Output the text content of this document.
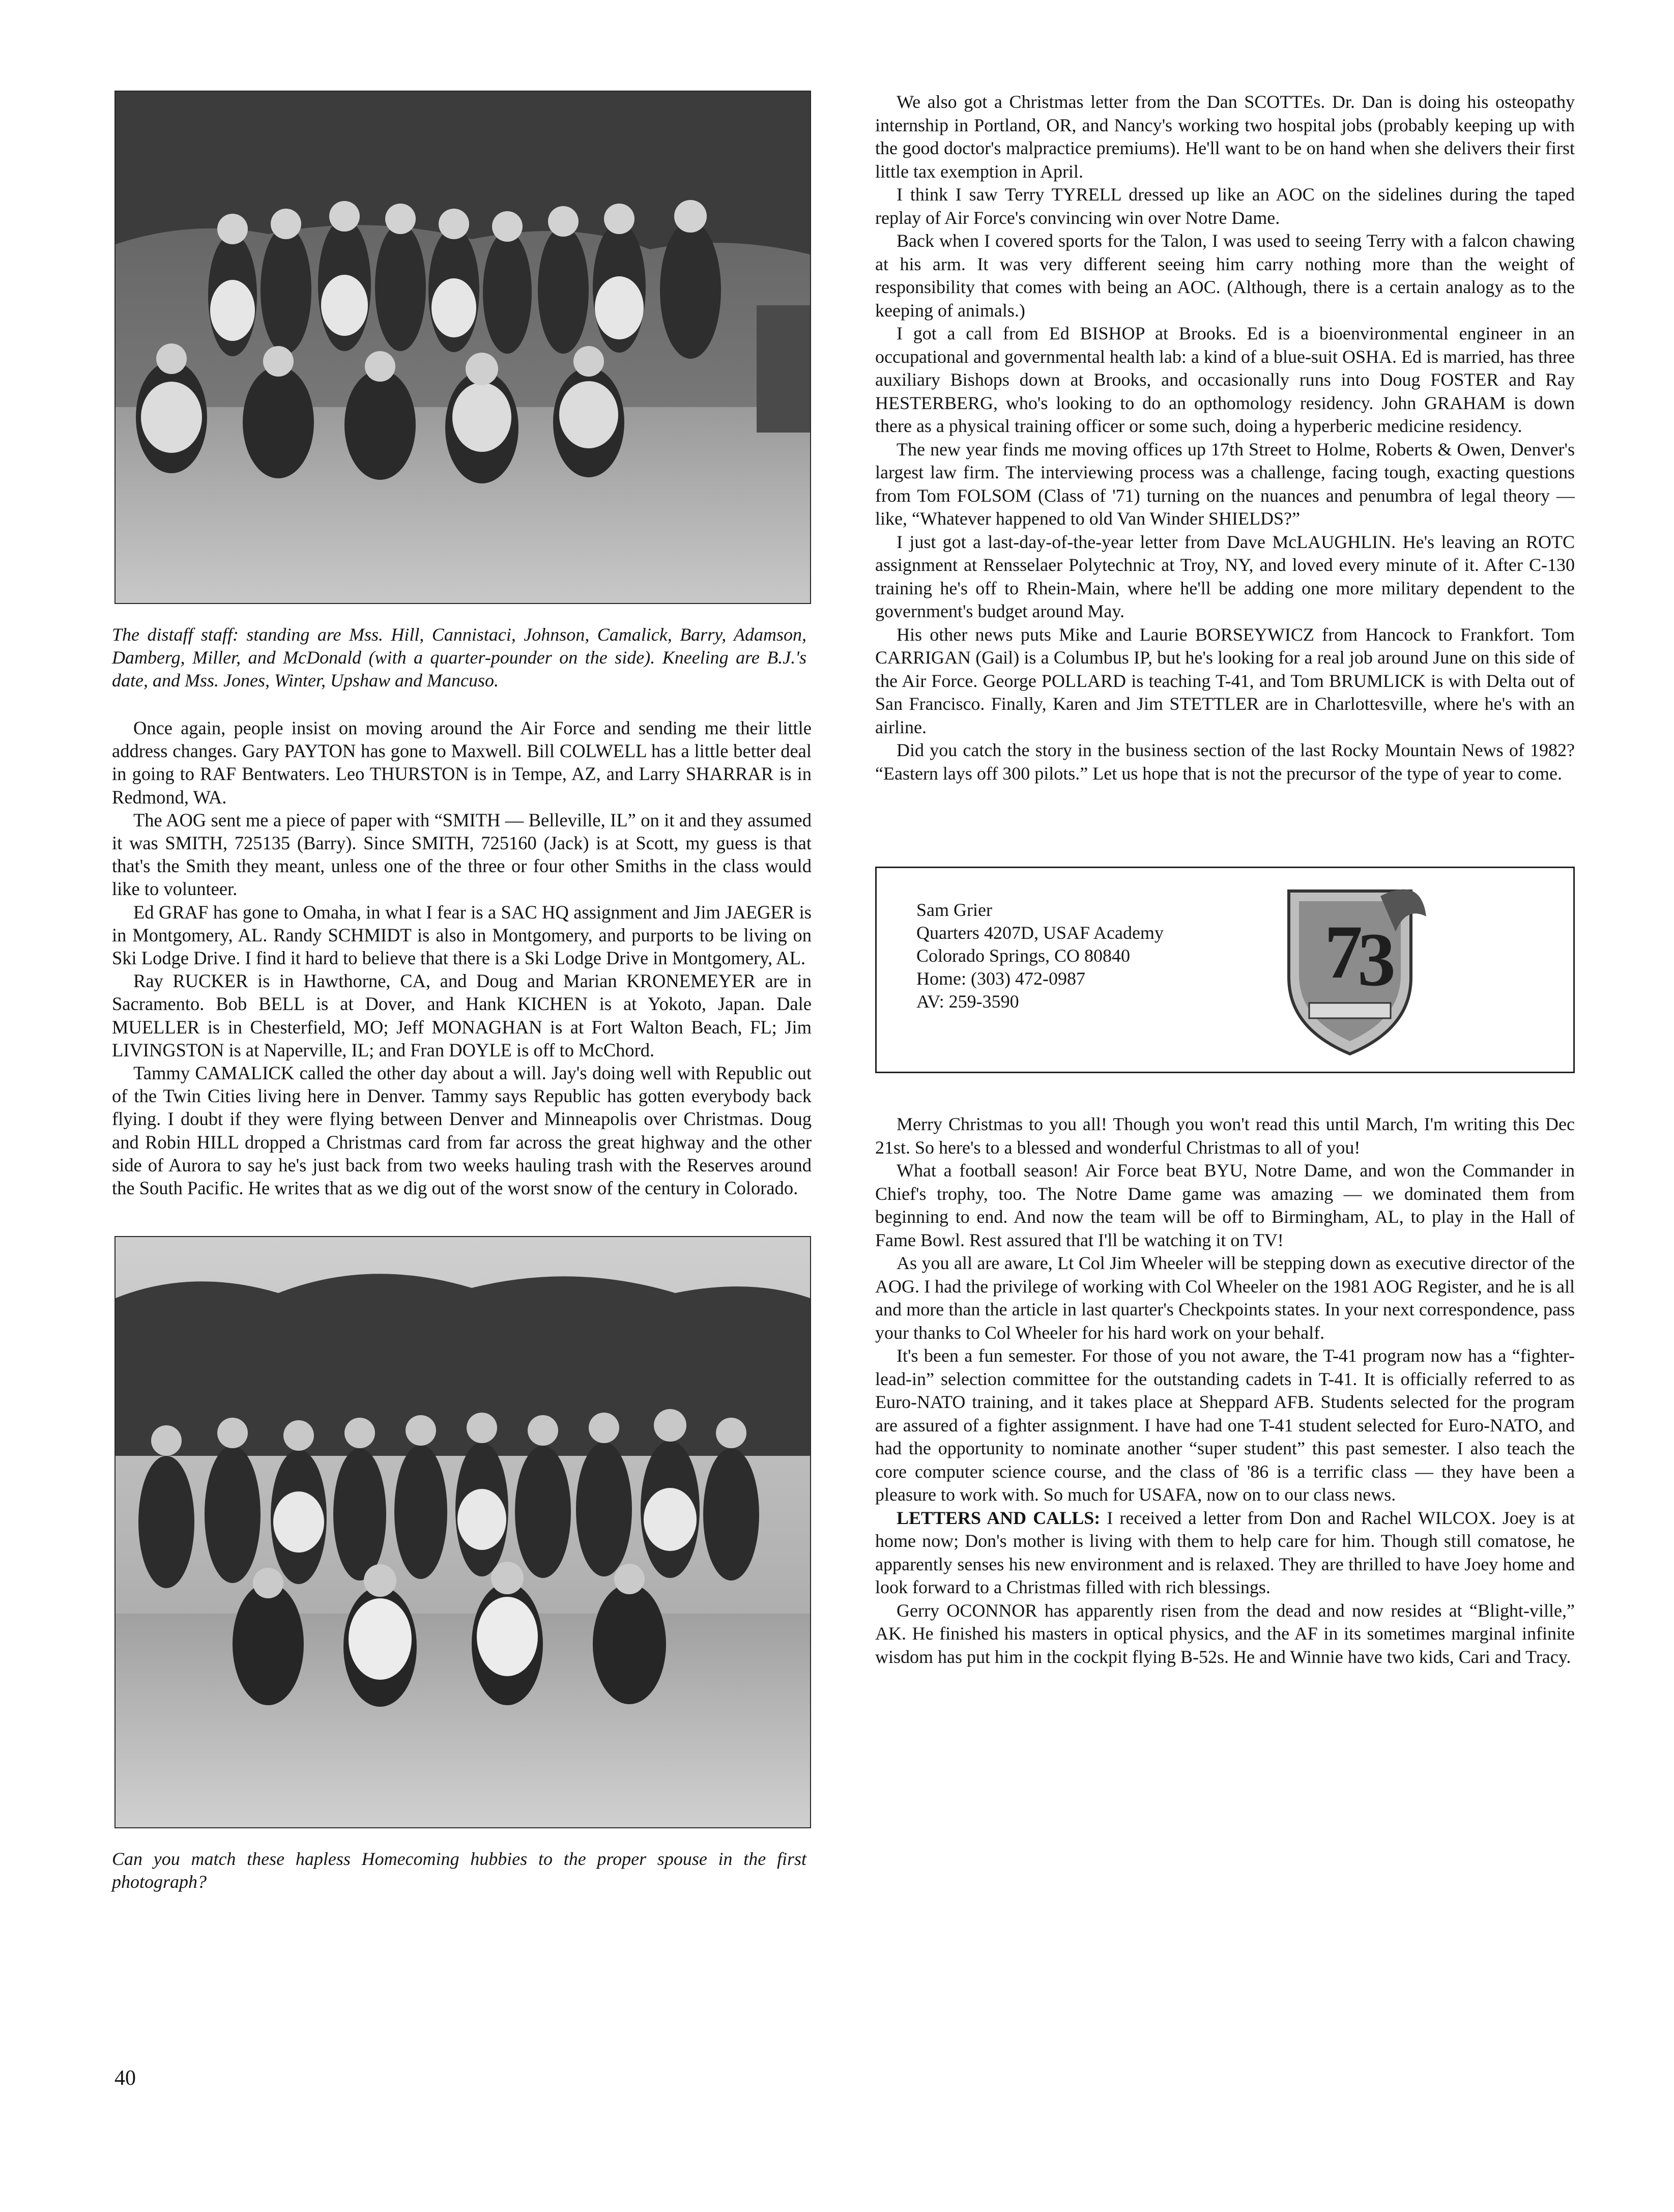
The distaff staff: standing are Mss. Hill, Cannistaci, Johnson, Camalick, Barry, Adamson, Damberg, Miller, and McDonald (with a quarter-pounder on the side). Kneeling are B.J.'s date, and Mss. Jones, Winter, Upshaw and Mancuso.

Once again, people insist on moving around the Air Force and sending me their little address changes. Gary PAYTON has gone to Maxwell. Bill COLWELL has a little better deal in going to RAF Bentwaters. Leo THURSTON is in Tempe, AZ, and Larry SHARRAR is in Redmond, WA.

The AOG sent me a piece of paper with “SMITH — Belleville, IL” on it and they assumed it was SMITH, 725135 (Barry). Since SMITH, 725160 (Jack) is at Scott, my guess is that that's the Smith they meant, unless one of the three or four other Smiths in the class would like to volunteer.

Ed GRAF has gone to Omaha, in what I fear is a SAC HQ assignment and Jim JAEGER is in Montgomery, AL. Randy SCHMIDT is also in Montgomery, and purports to be living on Ski Lodge Drive. I find it hard to believe that there is a Ski Lodge Drive in Montgomery, AL.

Ray RUCKER is in Hawthorne, CA, and Doug and Marian KRONEMEYER are in Sacramento. Bob BELL is at Dover, and Hank KICHEN is at Yokoto, Japan. Dale MUELLER is in Chesterfield, MO; Jeff MONAGHAN is at Fort Walton Beach, FL; Jim LIVINGSTON is at Naperville, IL; and Fran DOYLE is off to McChord.

Tammy CAMALICK called the other day about a will. Jay's doing well with Republic out of the Twin Cities living here in Denver. Tammy says Republic has gotten everybody back flying. I doubt if they were flying between Denver and Minneapolis over Christmas. Doug and Robin HILL dropped a Christmas card from far across the great highway and the other side of Aurora to say he's just back from two weeks hauling trash with the Reserves around the South Pacific. He writes that as we dig out of the worst snow of the century in Colorado.

Can you match these hapless Homecoming hubbies to the proper spouse in the first photograph?

We also got a Christmas letter from the Dan SCOTTEs. Dr. Dan is doing his osteopathy internship in Portland, OR, and Nancy's working two hospital jobs (probably keeping up with the good doctor's malpractice premiums). He'll want to be on hand when she delivers their first little tax exemption in April.

I think I saw Terry TYRELL dressed up like an AOC on the sidelines during the taped replay of Air Force's convincing win over Notre Dame.

Back when I covered sports for the Talon, I was used to seeing Terry with a falcon chawing at his arm. It was very different seeing him carry nothing more than the weight of responsibility that comes with being an AOC. (Although, there is a certain analogy as to the keeping of animals.)

I got a call from Ed BISHOP at Brooks. Ed is a bioenvironmental engineer in an occupational and governmental health lab: a kind of a blue-suit OSHA. Ed is married, has three auxiliary Bishops down at Brooks, and occasionally runs into Doug FOSTER and Ray HESTERBERG, who's looking to do an opthomology residency. John GRAHAM is down there as a physical training officer or some such, doing a hyperberic medicine residency.

The new year finds me moving offices up 17th Street to Holme, Roberts & Owen, Denver's largest law firm. The interviewing process was a challenge, facing tough, exacting questions from Tom FOLSOM (Class of '71) turning on the nuances and penumbra of legal theory — like, “Whatever happened to old Van Winder SHIELDS?”

I just got a last-day-of-the-year letter from Dave McLAUGHLIN. He's leaving an ROTC assignment at Rensselaer Polytechnic at Troy, NY, and loved every minute of it. After C-130 training he's off to Rhein-Main, where he'll be adding one more military dependent to the government's budget around May.

His other news puts Mike and Laurie BORSEYWICZ from Hancock to Frankfort. Tom CARRIGAN (Gail) is a Columbus IP, but he's looking for a real job around June on this side of the Air Force. George POLLARD is teaching T-41, and Tom BRUMLICK is with Delta out of San Francisco. Finally, Karen and Jim STETTLER are in Charlottesville, where he's with an airline.

Did you catch the story in the business section of the last Rocky Mountain News of 1982? “Eastern lays off 300 pilots.” Let us hope that is not the precursor of the type of year to come.

Sam Grier
Quarters 4207D, USAF Academy
Colorado Springs, CO 80840
Home: (303) 472-0987
AV: 259-3590
7
3

Merry Christmas to you all! Though you won't read this until March, I'm writing this Dec 21st. So here's to a blessed and wonderful Christmas to all of you!

What a football season! Air Force beat BYU, Notre Dame, and won the Commander in Chief's trophy, too. The Notre Dame game was amazing — we dominated them from beginning to end. And now the team will be off to Birmingham, AL, to play in the Hall of Fame Bowl. Rest assured that I'll be watching it on TV!

As you all are aware, Lt Col Jim Wheeler will be stepping down as executive director of the AOG. I had the privilege of working with Col Wheeler on the 1981 AOG Register, and he is all and more than the article in last quarter's Checkpoints states. In your next correspondence, pass your thanks to Col Wheeler for his hard work on your behalf.

It's been a fun semester. For those of you not aware, the T-41 program now has a “fighter-lead-in” selection committee for the outstanding cadets in T-41. It is officially referred to as Euro-NATO training, and it takes place at Sheppard AFB. Students selected for the program are assured of a fighter assignment. I have had one T-41 student selected for Euro-NATO, and had the opportunity to nominate another “super student” this past semester. I also teach the core computer science course, and the class of '86 is a terrific class — they have been a pleasure to work with. So much for USAFA, now on to our class news.

LETTERS AND CALLS: I received a letter from Don and Rachel WILCOX. Joey is at home now; Don's mother is living with them to help care for him. Though still comatose, he apparently senses his new environment and is relaxed. They are thrilled to have Joey home and look forward to a Christmas filled with rich blessings.

Gerry OCONNOR has apparently risen from the dead and now resides at “Blight-ville,” AK. He finished his masters in optical physics, and the AF in its sometimes marginal infinite wisdom has put him in the cockpit flying B-52s. He and Winnie have two kids, Cari and Tracy.

40
